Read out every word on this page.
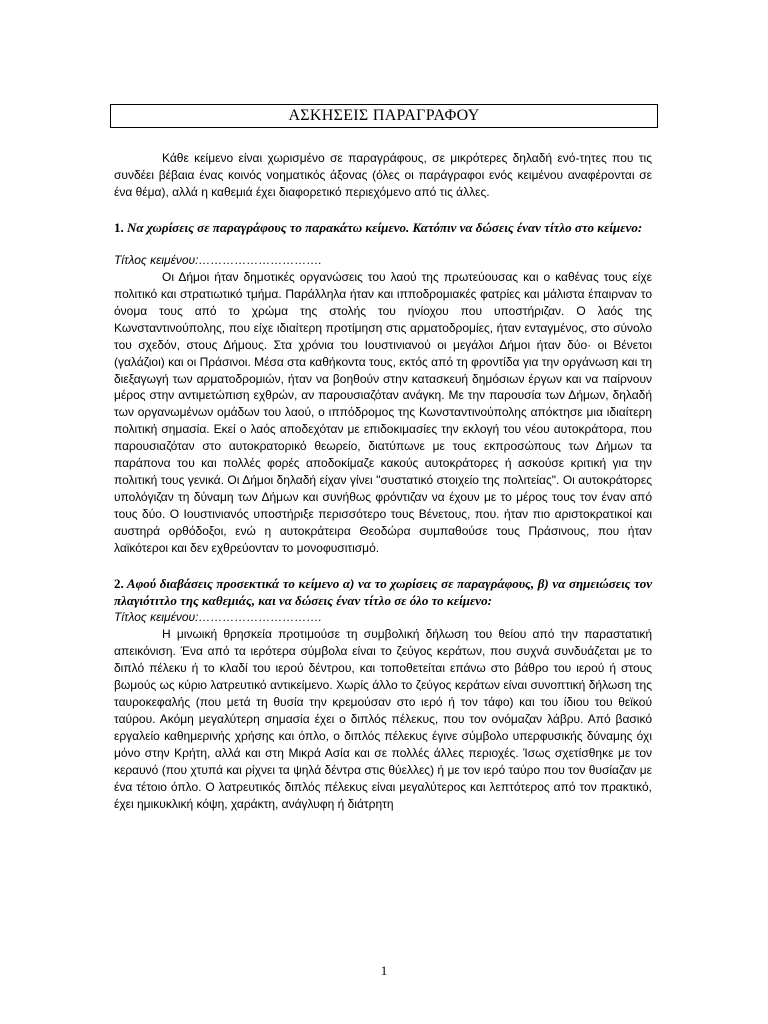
ΑΣΚΗΣΕΙΣ ΠΑΡΑΓΡΑΦΟΥ

Κάθε κείμενο είναι χωρισμένο σε παραγράφους, σε μικρότερες δηλαδή ενό-τητες που τις συνδέει βέβαια ένας κοινός νοηματικός άξονας (όλες οι παράγραφοι ενός κειμένου αναφέρονται σε ένα θέμα), αλλά η καθεμιά έχει διαφορετικό περιεχόμενο από τις άλλες.

1. Να χωρίσεις σε παραγράφους το παρακάτω κείμενο. Κατόπιν να δώσεις έναν τίτλο στο κείμενο:

Τίτλος κειμένου:………………………….

Οι Δήμοι ήταν δημοτικές οργανώσεις του λαού της πρωτεύουσας και ο καθένας τους είχε πολιτικό και στρατιωτικό τμήμα. Παράλληλα ήταν και ιπποδρομιακές φατρίες και μάλιστα έπαιρναν το όνομα τους από το χρώμα της στολής του ηνίοχου που υποστήριζαν. Ο λαός της Κωνσταντινούπολης, που είχε ιδιαίτερη προτίμηση στις αρματοδρομίες, ήταν ενταγμένος, στο σύνολο του σχεδόν, στους Δήμους. Στα χρόνια του Ιουστινιανού οι μεγάλοι Δήμοι ήταν δύο· οι Βένετοι (γαλάζιοι) και οι Πράσινοι. Μέσα στα καθήκοντα τους, εκτός από τη φροντίδα για την οργάνωση και τη διεξαγωγή των αρματοδρομιών, ήταν να βοηθούν στην κατασκευή δημόσιων έργων και να παίρνουν μέρος στην αντιμετώπιση εχθρών, αν παρουσιαζόταν ανάγκη. Με την παρουσία των Δήμων, δηλαδή των οργανωμένων ομάδων του λαού, ο ιππόδρομος της Κωνσταντινούπολης απόκτησε μια ιδιαίτερη πολιτική σημασία. Εκεί ο λαός αποδεχόταν με επιδοκιμασίες την εκλογή του νέου αυτοκράτορα, που παρουσιαζόταν στο αυτοκρατορικό θεωρείο, διατύπωνε με τους εκπροσώπους των Δήμων τα παράπονα του και πολλές φορές αποδοκίμαζε κακούς αυτοκράτορες ή ασκούσε κριτική για την πολιτική τους γενικά. Οι Δήμοι δηλαδή είχαν γίνει "συστατικό στοιχείο της πολιτείας". Οι αυτοκράτορες υπολόγιζαν τη δύναμη των Δήμων και συνήθως φρόντιζαν να έχουν με το μέρος τους τον έναν από τους δύο. Ο Ιουστινιανός υποστήριξε περισσότερο τους Βένετους, που. ήταν πιο αριστοκρατικοί και αυστηρά ορθόδοξοι, ενώ η αυτοκράτειρα Θεοδώρα συμπαθούσε τους Πράσινους, που ήταν λαϊκότεροι και δεν εχθρεύονταν το μονοφυσιτισμό.

2. Αφού διαβάσεις προσεκτικά το κείμενο α) να το χωρίσεις σε παραγράφους, β) να σημειώσεις τον πλαγιότιτλο της καθεμιάς, και να δώσεις έναν τίτλο σε όλο το κείμενο:

Τίτλος κειμένου:………………………….

Η μινωική θρησκεία προτιμούσε τη συμβολική δήλωση του θείου από την παραστατική απεικόνιση. Ένα από τα ιερότερα σύμβολα είναι το ζεύγος κεράτων, που συχνά συνδυάζεται με το διπλό πέλεκυ ή το κλαδί του ιερού δέντρου, και τοποθετείται επάνω στο βάθρο του ιερού ή στους βωμούς ως κύριο λατρευτικό αντικείμενο. Χωρίς άλλο το ζεύγος κεράτων είναι συνοπτική δήλωση της ταυροκεφαλής (που μετά τη θυσία την κρεμούσαν στο ιερό ή τον τάφο) και του ίδιου του θεϊκού ταύρου. Ακόμη μεγαλύτερη σημασία έχει ο διπλός πέλεκυς, που τον ονόμαζαν λάβρυ. Από βασικό εργαλείο καθημερινής χρήσης και όπλο, ο διπλός πέλεκυς έγινε σύμβολο υπερφυσικής δύναμης όχι μόνο στην Κρήτη, αλλά και στη Μικρά Ασία και σε πολλές άλλες περιοχές. Ίσως σχετίσθηκε με τον κεραυνό (που χτυπά και ρίχνει τα ψηλά δέντρα στις θύελλες) ή με τον ιερό ταύρο που τον θυσίαζαν με ένα τέτοιο όπλο. Ο λατρευτικός διπλός πέλεκυς είναι μεγαλύτερος και λεπτότερος από τον πρακτικό, έχει ημικυκλική κόψη, χαράκτη, ανάγλυφη ή διάτρητη

1
